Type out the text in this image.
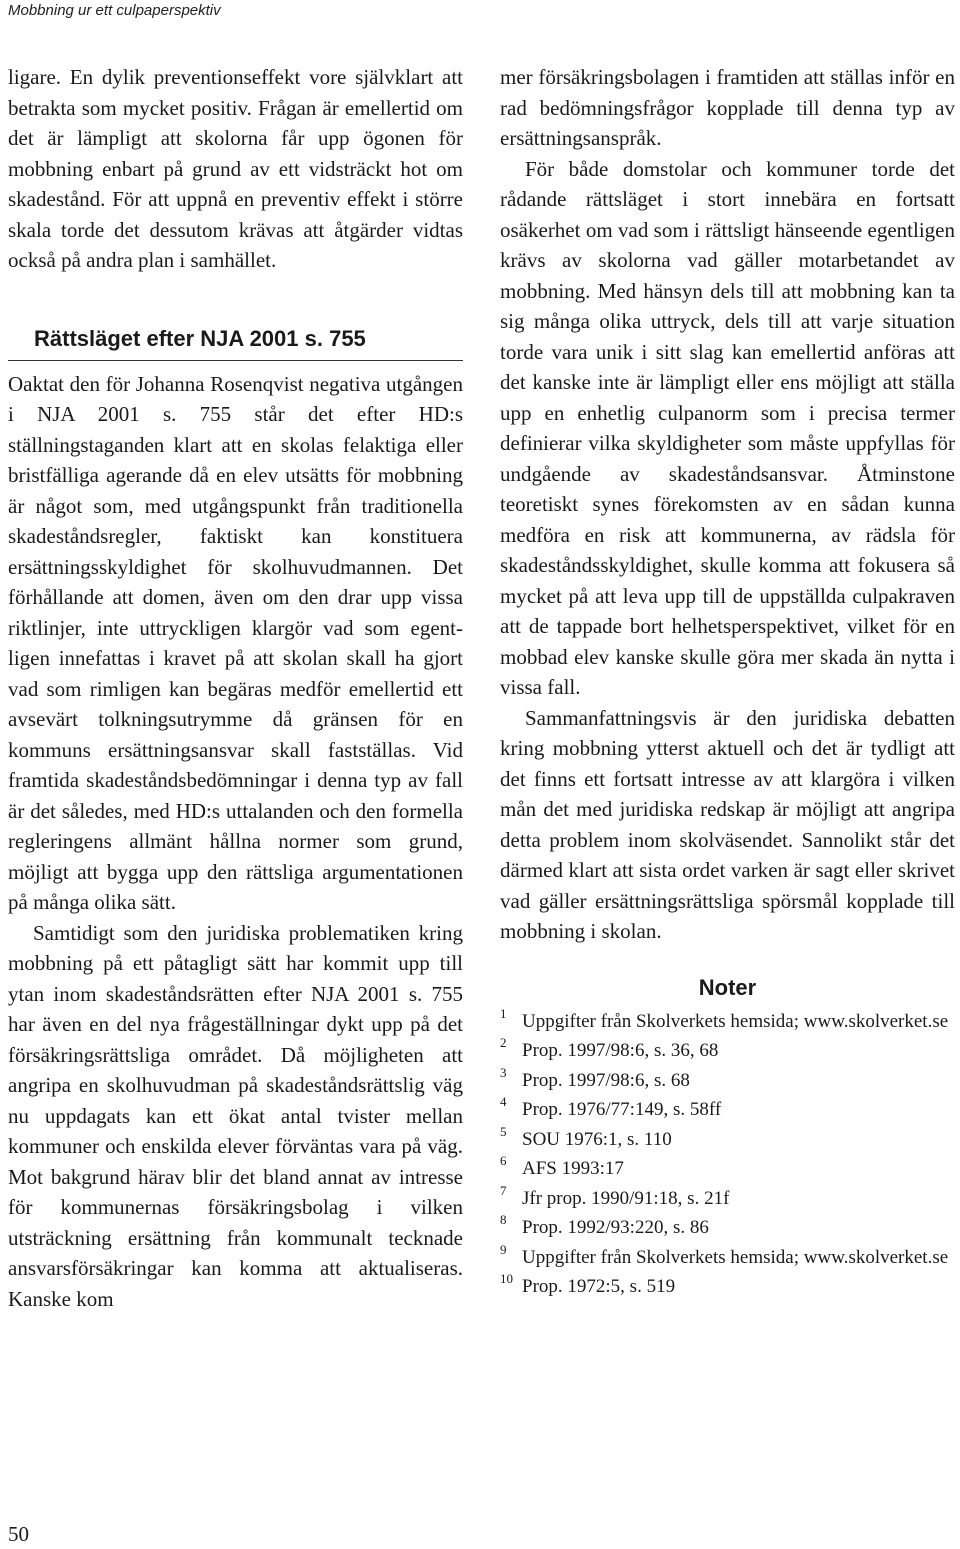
Mobbning ur ett culpaperspektiv

ligare. En dylik preventionseffekt vore självklart att betrakta som mycket positiv. Frågan är emellertid om det är lämpligt att skolorna får upp ögonen för mobbning enbart på grund av ett vidsträckt hot om skadestånd. För att uppnå en preventiv effekt i större skala torde det dessutom krävas att åtgärder vidtas också på andra plan i samhället.

Rättsläget efter NJA 2001 s. 755

Oaktat den för Johanna Rosenqvist negativa utgången i NJA 2001 s. 755 står det efter HD:s ställningstaganden klart att en skolas felaktiga eller bristfälliga agerande då en elev utsätts för mobbning är något som, med utgångspunkt från traditionella skadeståndsregler, faktiskt kan konstituera ersättningsskyldighet för skolhuvudmannen. Det förhållande att domen, även om den drar upp vissa riktlinjer, inte uttryckligen klargör vad som egentligen innefattas i kravet på att skolan skall ha gjort vad som rimligen kan begäras medför emellertid ett avsevärt tolkningsutrymme då gränsen för en kommuns ersättningsansvar skall fastställas. Vid framtida skadeståndsbedömningar i denna typ av fall är det således, med HD:s uttalanden och den formella regleringens allmänt hållna normer som grund, möjligt att bygga upp den rättsliga argumentationen på många olika sätt.

Samtidigt som den juridiska problematiken kring mobbning på ett påtagligt sätt har kommit upp till ytan inom skadeståndsrätten efter NJA 2001 s. 755 har även en del nya frågeställningar dykt upp på det försäkringsrättsliga området. Då möjligheten att angripa en skolhuvudman på skadeståndsrättslig väg nu uppdagats kan ett ökat antal tvister mellan kommuner och enskilda elever förväntas vara på väg. Mot bakgrund härav blir det bland annat av intresse för kommunernas försäkringsbolag i vilken utsträckning ersättning från kommunalt tecknade ansvarsförsäkringar kan komma att aktualiseras. Kanske kom

mer försäkringsbolagen i framtiden att ställas inför en rad bedömningsfrågor kopplade till denna typ av ersättningsanspråk.

För både domstolar och kommuner torde det rådande rättsläget i stort innebära en fortsatt osäkerhet om vad som i rättsligt hänseende egentligen krävs av skolorna vad gäller motarbetandet av mobbning. Med hänsyn dels till att mobbning kan ta sig många olika uttryck, dels till att varje situation torde vara unik i sitt slag kan emellertid anföras att det kanske inte är lämpligt eller ens möjligt att ställa upp en enhetlig culpanorm som i precisa termer definierar vilka skyldigheter som måste uppfyllas för undgående av skadeståndsansvar. Åtminstone teoretiskt synes förekomsten av en sådan kunna medföra en risk att kommunerna, av rädsla för skadeståndsskyldighet, skulle komma att fokusera så mycket på att leva upp till de uppställda culpakraven att de tappade bort helhetsperspektivet, vilket för en mobbad elev kanske skulle göra mer skada än nytta i vissa fall.

Sammanfattningsvis är den juridiska debatten kring mobbning ytterst aktuell och det är tydligt att det finns ett fortsatt intresse av att klargöra i vilken mån det med juridiska redskap är möjligt att angripa detta problem inom skolväsendet. Sannolikt står det därmed klart att sista ordet varken är sagt eller skrivet vad gäller ersättningsrättsliga spörsmål kopplade till mobbning i skolan.

Noter
1 Uppgifter från Skolverkets hemsida; www.skolverket.se
2 Prop. 1997/98:6, s. 36, 68
3 Prop. 1997/98:6, s. 68
4 Prop. 1976/77:149, s. 58ff
5 SOU 1976:1, s. 110
6 AFS 1993:17
7 Jfr prop. 1990/91:18, s. 21f
8 Prop. 1992/93:220, s. 86
9 Uppgifter från Skolverkets hemsida; www.skolverket.se
10 Prop. 1972:5, s. 519
50
